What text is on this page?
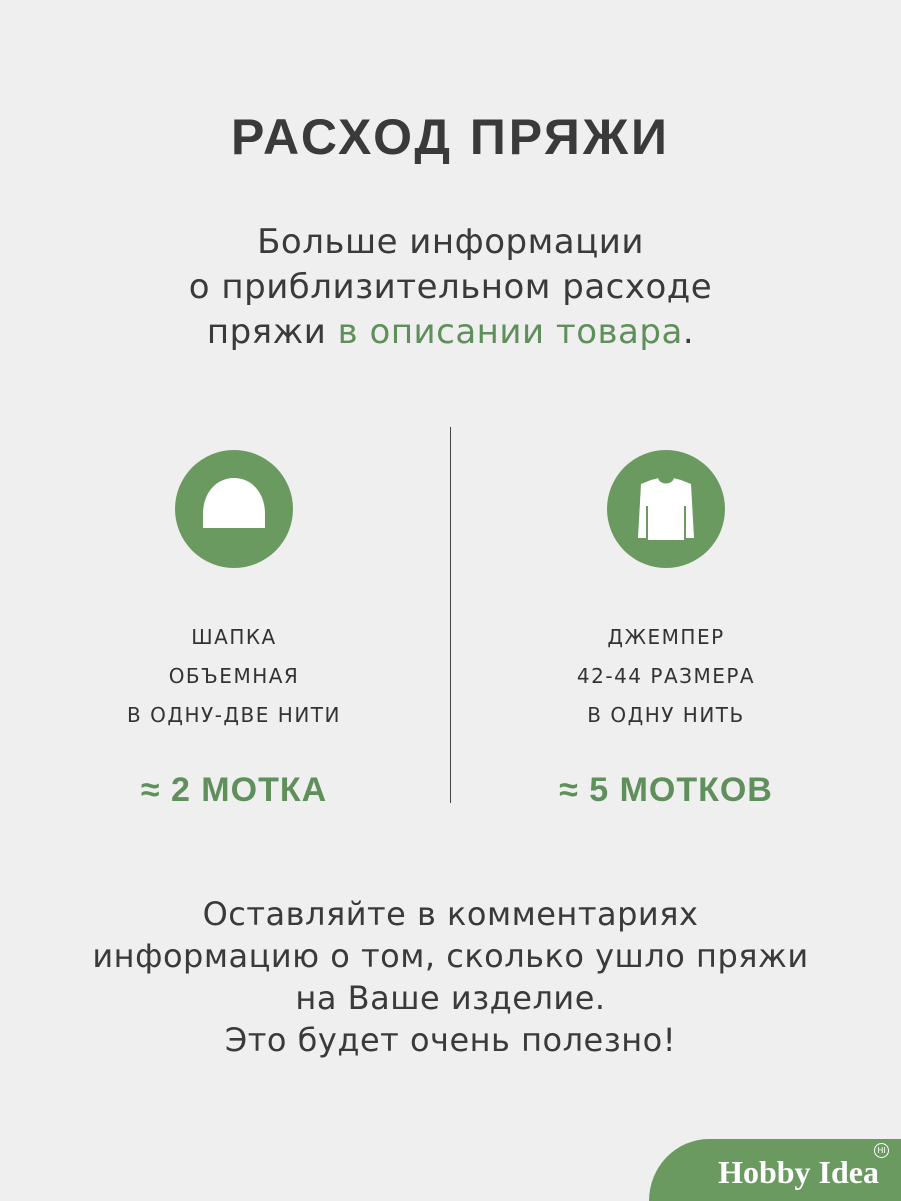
РАСХОД ПРЯЖИ
Больше информации
о приблизительном расходе
пряжи в описании товара.
ШАПКА
ОБЪЕМНАЯ
В ОДНУ-ДВЕ НИТИ
≈ 2 МОТКА
ДЖЕМПЕР
42-44 РАЗМЕРА
В ОДНУ НИТЬ
≈ 5 МОТКОВ
Оставляйте в комментариях
информацию о том, сколько ушло пряжи
на Ваше изделие.
Это будет очень полезно!
Hobby Idea
HI
